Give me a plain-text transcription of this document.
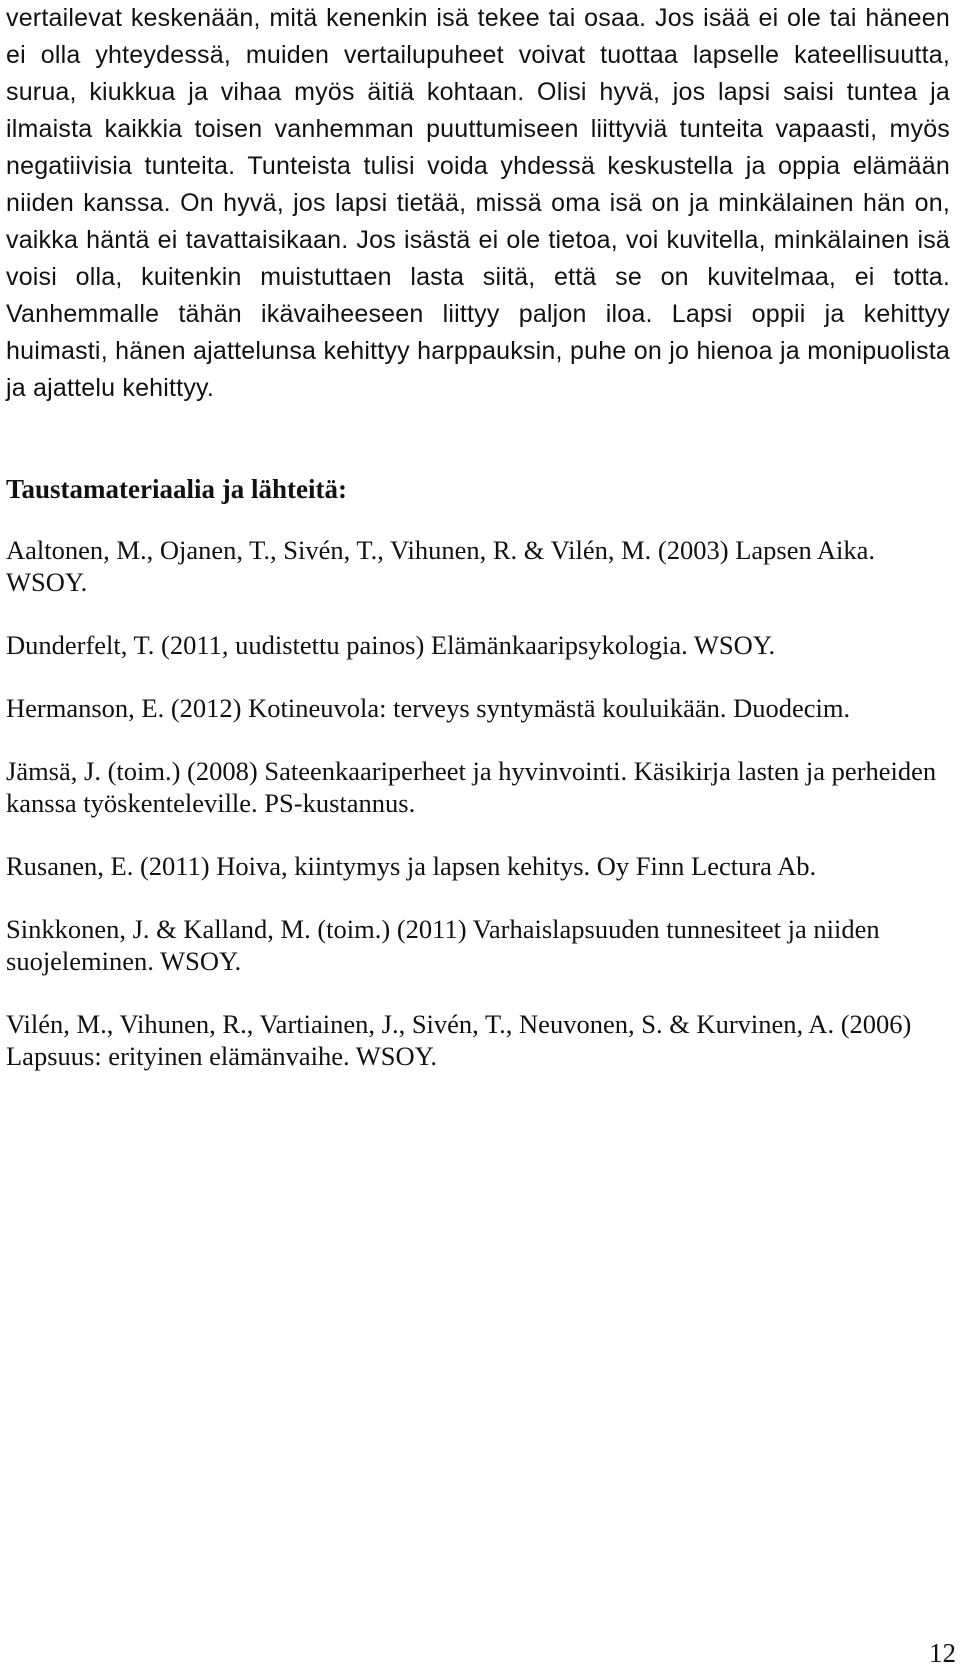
vertailevat keskenään, mitä kenenkin isä tekee tai osaa. Jos isää ei ole tai häneen ei olla yhteydessä, muiden vertailupuheet voivat tuottaa lapselle kateellisuutta, surua, kiukkua ja vihaa myös äitiä kohtaan. Olisi hyvä, jos lapsi saisi tuntea ja ilmaista kaikkia toisen vanhemman puuttumiseen liittyviä tunteita vapaasti, myös negatiivisia tunteita. Tunteista tulisi voida yhdessä keskustella ja oppia elämään niiden kanssa. On hyvä, jos lapsi tietää, missä oma isä on ja minkälainen hän on, vaikka häntä ei tavattaisikaan. Jos isästä ei ole tietoa, voi kuvitella, minkälainen isä voisi olla, kuitenkin muistuttaen lasta siitä, että se on kuvitelmaa, ei totta. Vanhemmalle tähän ikävaiheeseen liittyy paljon iloa. Lapsi oppii ja kehittyy huimasti, hänen ajattelunsa kehittyy harppauksin, puhe on jo hienoa ja monipuolista ja ajattelu kehittyy.

Taustamateriaalia ja lähteitä:

Aaltonen, M., Ojanen, T., Sivén, T., Vihunen, R. & Vilén, M. (2003) Lapsen Aika. WSOY.

Dunderfelt, T. (2011, uudistettu painos) Elämänkaaripsykologia. WSOY.

Hermanson, E. (2012) Kotineuvola: terveys syntymästä kouluikään. Duodecim.

Jämsä, J. (toim.) (2008) Sateenkaariperheet ja hyvinvointi. Käsikirja lasten ja perheiden kanssa työskenteleville. PS-kustannus.

Rusanen, E. (2011) Hoiva, kiintymys ja lapsen kehitys. Oy Finn Lectura Ab.

Sinkkonen, J. & Kalland, M. (toim.) (2011) Varhaislapsuuden tunnesiteet ja niiden suojeleminen. WSOY.

Vilén, M., Vihunen, R., Vartiainen, J., Sivén, T., Neuvonen, S. & Kurvinen, A. (2006) Lapsuus: erityinen elämänvaihe. WSOY.

12
